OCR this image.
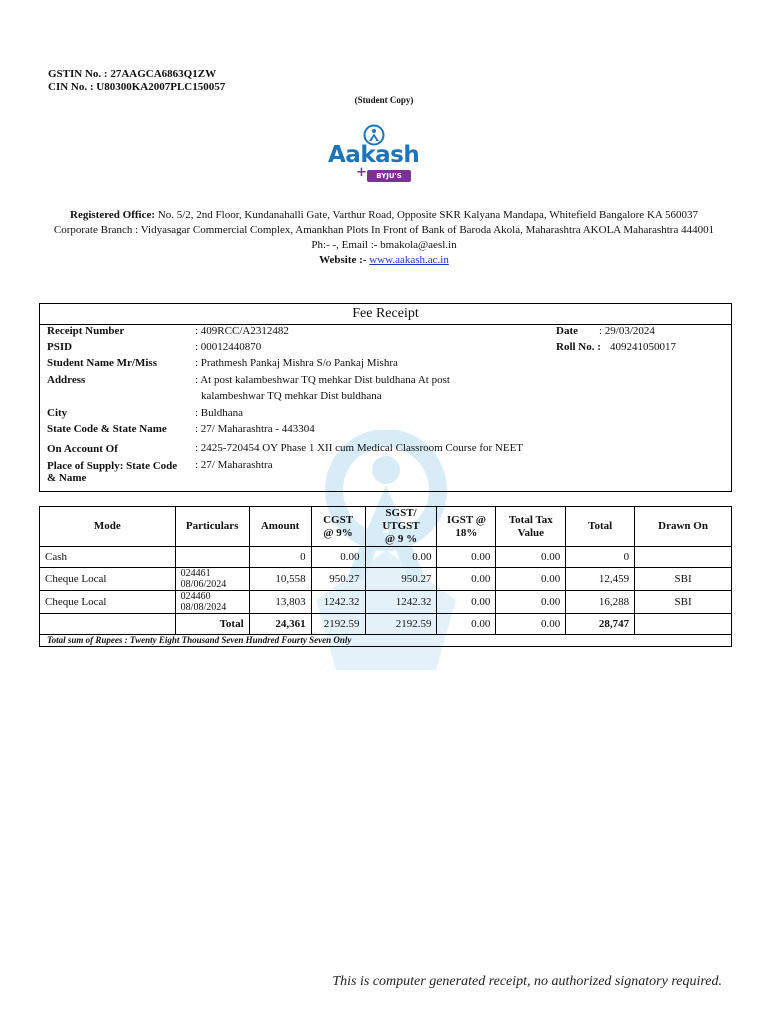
GSTIN No. : 27AAGCA6863Q1ZW
CIN No. : U80300KA2007PLC150057
(Student Copy)
Aakash
+	BYJU'S
Registered Office: No. 5/2, 2nd Floor, Kundanahalli Gate, Varthur Road, Opposite SKR Kalyana Mandapa, Whitefield Bangalore KA 560037
Corporate Branch : Vidyasagar Commercial Complex, Amankhan Plots In Front of Bank of Baroda Akola, Maharashtra AKOLA Maharashtra 444001
Ph:- -, Email :- bmakola@aesl.in
Website :- www.aakash.ac.in
Fee Receipt
Receipt Number	: 409RCC/A2312482	Date : 29/03/2024
PSID	: 00012440870	Roll No. : 409241050017
Student Name Mr/Miss	: Prathmesh Pankaj Mishra S/o Pankaj Mishra
Address	: At post kalambeshwar TQ mehkar Dist buldhana At post
kalambeshwar TQ mehkar Dist buldhana
City	: Buldhana
State Code & State Name	: 27/ Maharashtra - 443304
On Account Of	: 2425-720454 OY Phase 1 XII cum Medical Classroom Course for NEET
Place of Supply: State Code
& Name
: 27/ Maharashtra
Mode	Particulars	Amount	CGST
@ 9%	SGST/
UTGST
@ 9 %	IGST @
18%	Total Tax
Value	Total	Drawn On
Cash		0	0.00	0.00	0.00	0.00	0	
Cheque Local	024461
08/06/2024	10,558	950.27	950.27	0.00	0.00	12,459	SBI
Cheque Local	024460
08/08/2024	13,803	1242.32	1242.32	0.00	0.00	16,288	SBI
	Total	24,361	2192.59	2192.59	0.00	0.00	28,747	
Total sum of Rupees : Twenty Eight Thousand Seven Hundred Fourty Seven Only								
This is computer generated receipt, no authorized signatory required.
